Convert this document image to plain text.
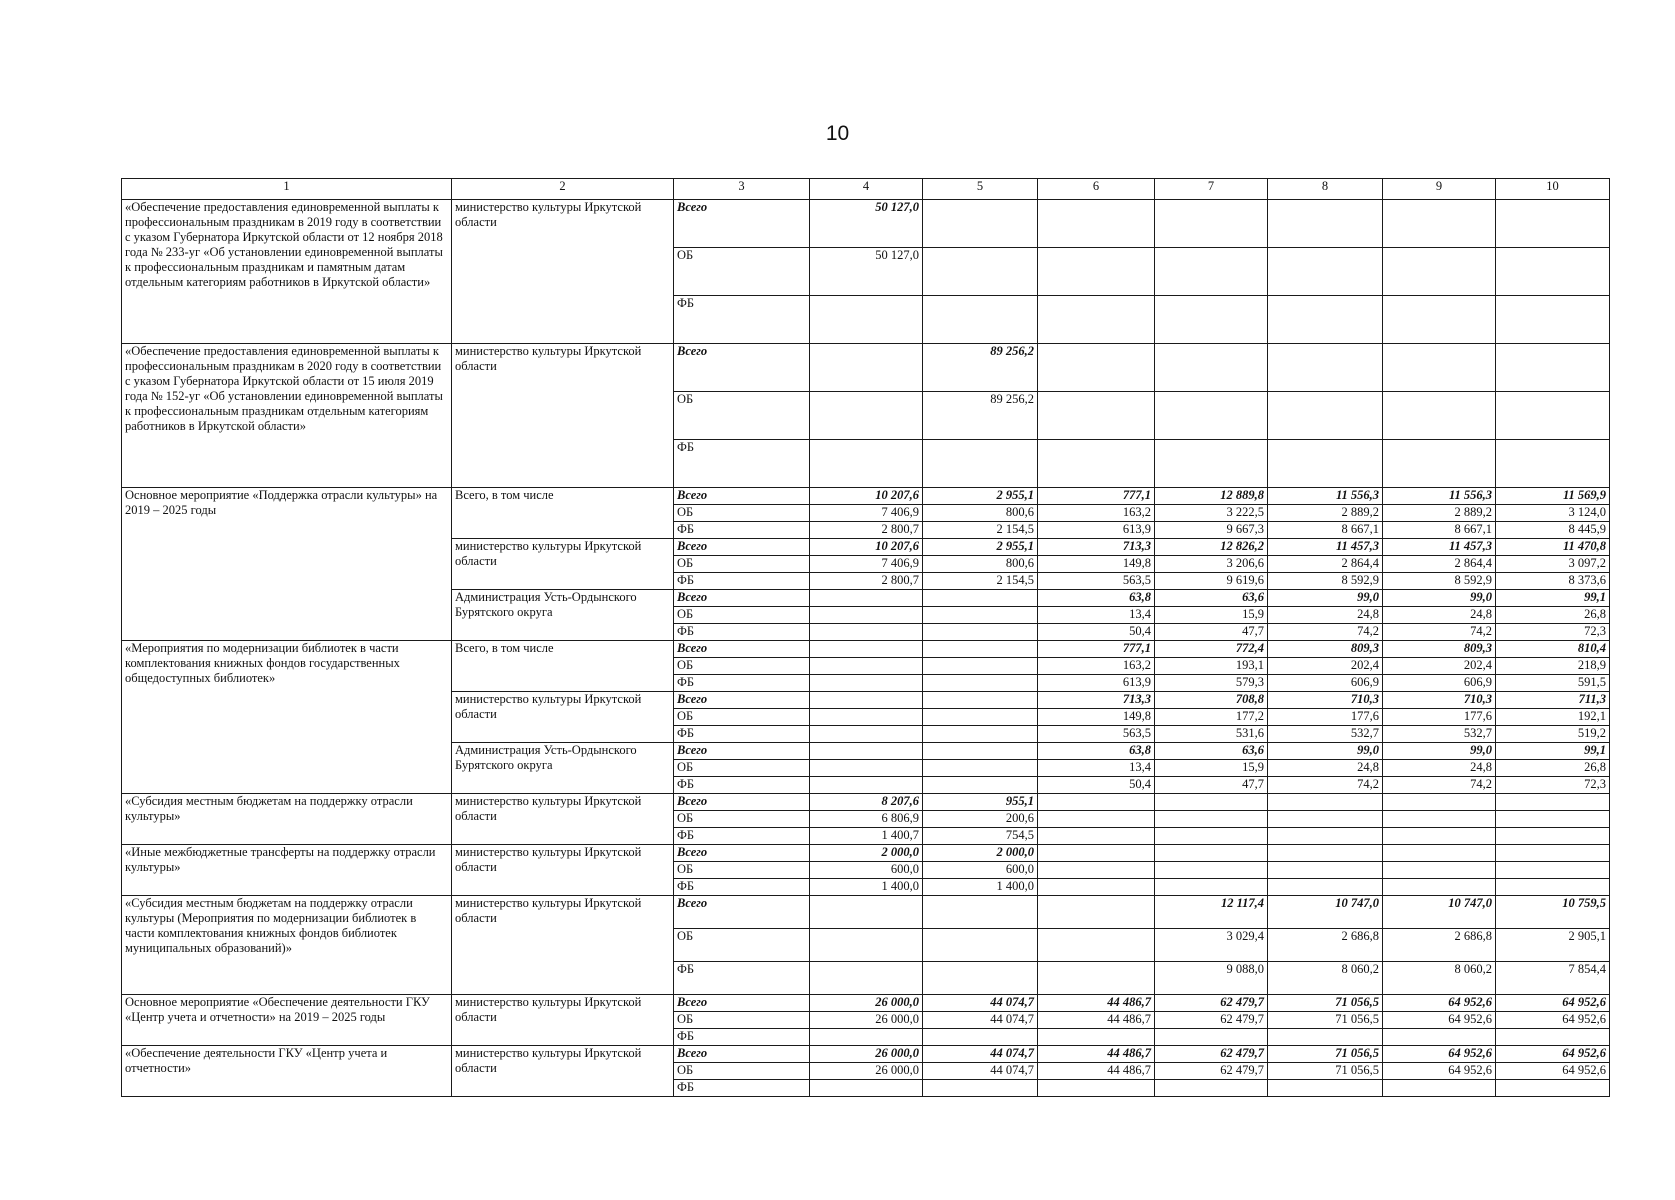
10
1	2	3	4	5	6	7	8	9	10
«Обеспечение предоставления единовременной выплаты к профессиональным праздникам в 2019 году в соответствии с указом Губернатора Иркутской области от 12 ноября 2018 года № 233-уг «Об установлении единовременной выплаты к профессиональным праздникам и памятным датам отдельным категориям работников в Иркутской области»	министерство культуры Иркутской области	Всего	50 127,0						
		ОБ	50 127,0						
		ФБ							
«Обеспечение предоставления единовременной выплаты к профессиональным праздникам в 2020 году в соответствии с указом Губернатора Иркутской области от 15 июля 2019 года № 152-уг «Об установлении единовременной выплаты к профессиональным праздникам отдельным категориям работников в Иркутской области»	министерство культуры Иркутской области	Всего		89 256,2					
		ОБ		89 256,2					
		ФБ							
Основное мероприятие «Поддержка отрасли культуры» на 2019 – 2025 годы	Всего, в том числе	Всего	10 207,6	2 955,1	777,1	12 889,8	11 556,3	11 556,3	11 569,9
		ОБ	7 406,9	800,6	163,2	3 222,5	2 889,2	2 889,2	3 124,0
		ФБ	2 800,7	2 154,5	613,9	9 667,3	8 667,1	8 667,1	8 445,9
	министерство культуры Иркутской области	Всего	10 207,6	2 955,1	713,3	12 826,2	11 457,3	11 457,3	11 470,8
		ОБ	7 406,9	800,6	149,8	3 206,6	2 864,4	2 864,4	3 097,2
		ФБ	2 800,7	2 154,5	563,5	9 619,6	8 592,9	8 592,9	8 373,6
	Администрация Усть-Ордынского Бурятского округа	Всего			63,8	63,6	99,0	99,0	99,1
		ОБ			13,4	15,9	24,8	24,8	26,8
		ФБ			50,4	47,7	74,2	74,2	72,3
«Мероприятия по модернизации библиотек в части комплектования книжных фондов государственных общедоступных библиотек»	Всего, в том числе	Всего			777,1	772,4	809,3	809,3	810,4
		ОБ			163,2	193,1	202,4	202,4	218,9
		ФБ			613,9	579,3	606,9	606,9	591,5
	министерство культуры Иркутской области	Всего			713,3	708,8	710,3	710,3	711,3
		ОБ			149,8	177,2	177,6	177,6	192,1
		ФБ			563,5	531,6	532,7	532,7	519,2
	Администрация Усть-Ордынского Бурятского округа	Всего			63,8	63,6	99,0	99,0	99,1
		ОБ			13,4	15,9	24,8	24,8	26,8
		ФБ			50,4	47,7	74,2	74,2	72,3
«Субсидия местным бюджетам на поддержку отрасли культуры»	министерство культуры Иркутской области	Всего	8 207,6	955,1					
		ОБ	6 806,9	200,6					
		ФБ	1 400,7	754,5					
«Иные межбюджетные трансферты на поддержку отрасли культуры»	министерство культуры Иркутской области	Всего	2 000,0	2 000,0					
		ОБ	600,0	600,0					
		ФБ	1 400,0	1 400,0					
«Субсидия местным бюджетам на поддержку отрасли культуры (Мероприятия по модернизации библиотек в части комплектования книжных фондов библиотек муниципальных образований)»	министерство культуры Иркутской области	Всего				12 117,4	10 747,0	10 747,0	10 759,5
		ОБ				3 029,4	2 686,8	2 686,8	2 905,1
		ФБ				9 088,0	8 060,2	8 060,2	7 854,4
Основное мероприятие «Обеспечение деятельности ГКУ «Центр учета и отчетности» на 2019 – 2025 годы	министерство культуры Иркутской области	Всего	26 000,0	44 074,7	44 486,7	62 479,7	71 056,5	64 952,6	64 952,6
		ОБ	26 000,0	44 074,7	44 486,7	62 479,7	71 056,5	64 952,6	64 952,6
		ФБ							
«Обеспечение деятельности ГКУ «Центр учета и отчетности»	министерство культуры Иркутской области	Всего	26 000,0	44 074,7	44 486,7	62 479,7	71 056,5	64 952,6	64 952,6
		ОБ	26 000,0	44 074,7	44 486,7	62 479,7	71 056,5	64 952,6	64 952,6
		ФБ							
